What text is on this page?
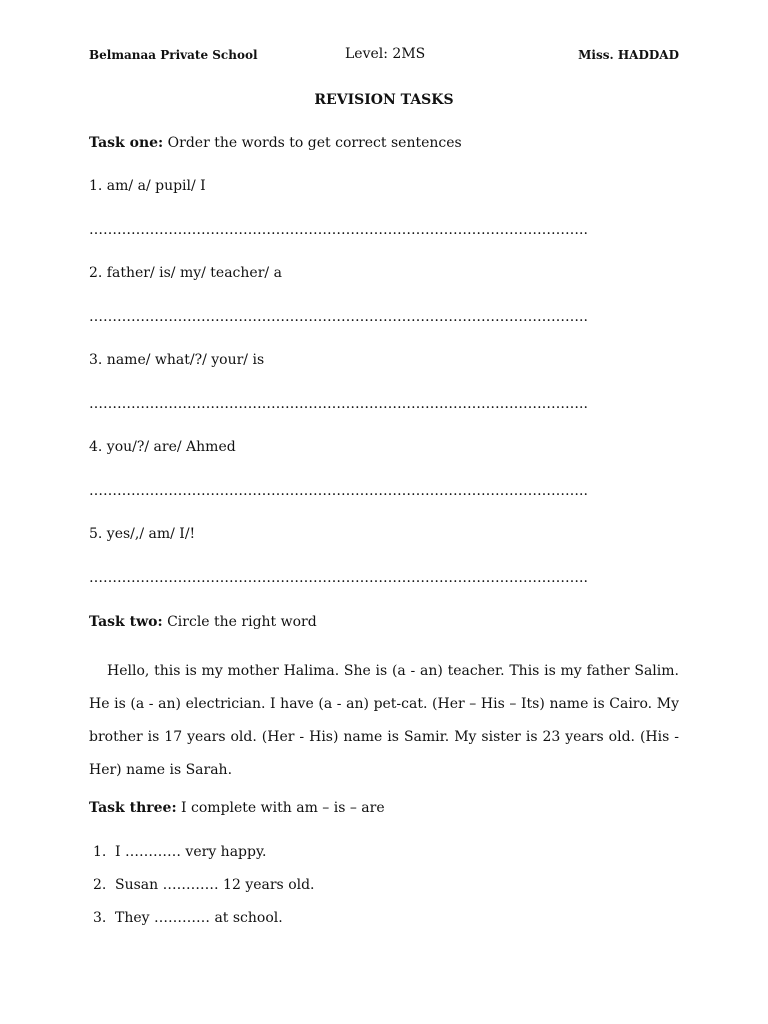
Belmanaa Private School	Level: 2MS	Miss. HADDAD
REVISION TASKS
Task one: Order the words to get correct sentences
1. am/ a/ pupil/ I
……………………………………………………………………………………………..
2. father/ is/ my/ teacher/ a
……………………………………………………………………………………………..
3. name/ what/?/ your/ is
……………………………………………………………………………………………..
4. you/?/ are/ Ahmed
……………………………………………………………………………………………..
5. yes/,/ am/ I/!
……………………………………………………………………………………………..
Task two: Circle the right word
Hello, this is my mother Halima. She is (a - an) teacher. This is my father Salim. He is (a - an) electrician. I have (a - an) pet-cat. (Her – His – Its) name is Cairo. My brother is 17 years old. (Her - His) name is Samir. My sister is 23 years old. (His - Her) name is Sarah.
Task three: I complete with am – is – are
1. I ………… very happy.
2. Susan ………… 12 years old.
3. They ………… at school.
